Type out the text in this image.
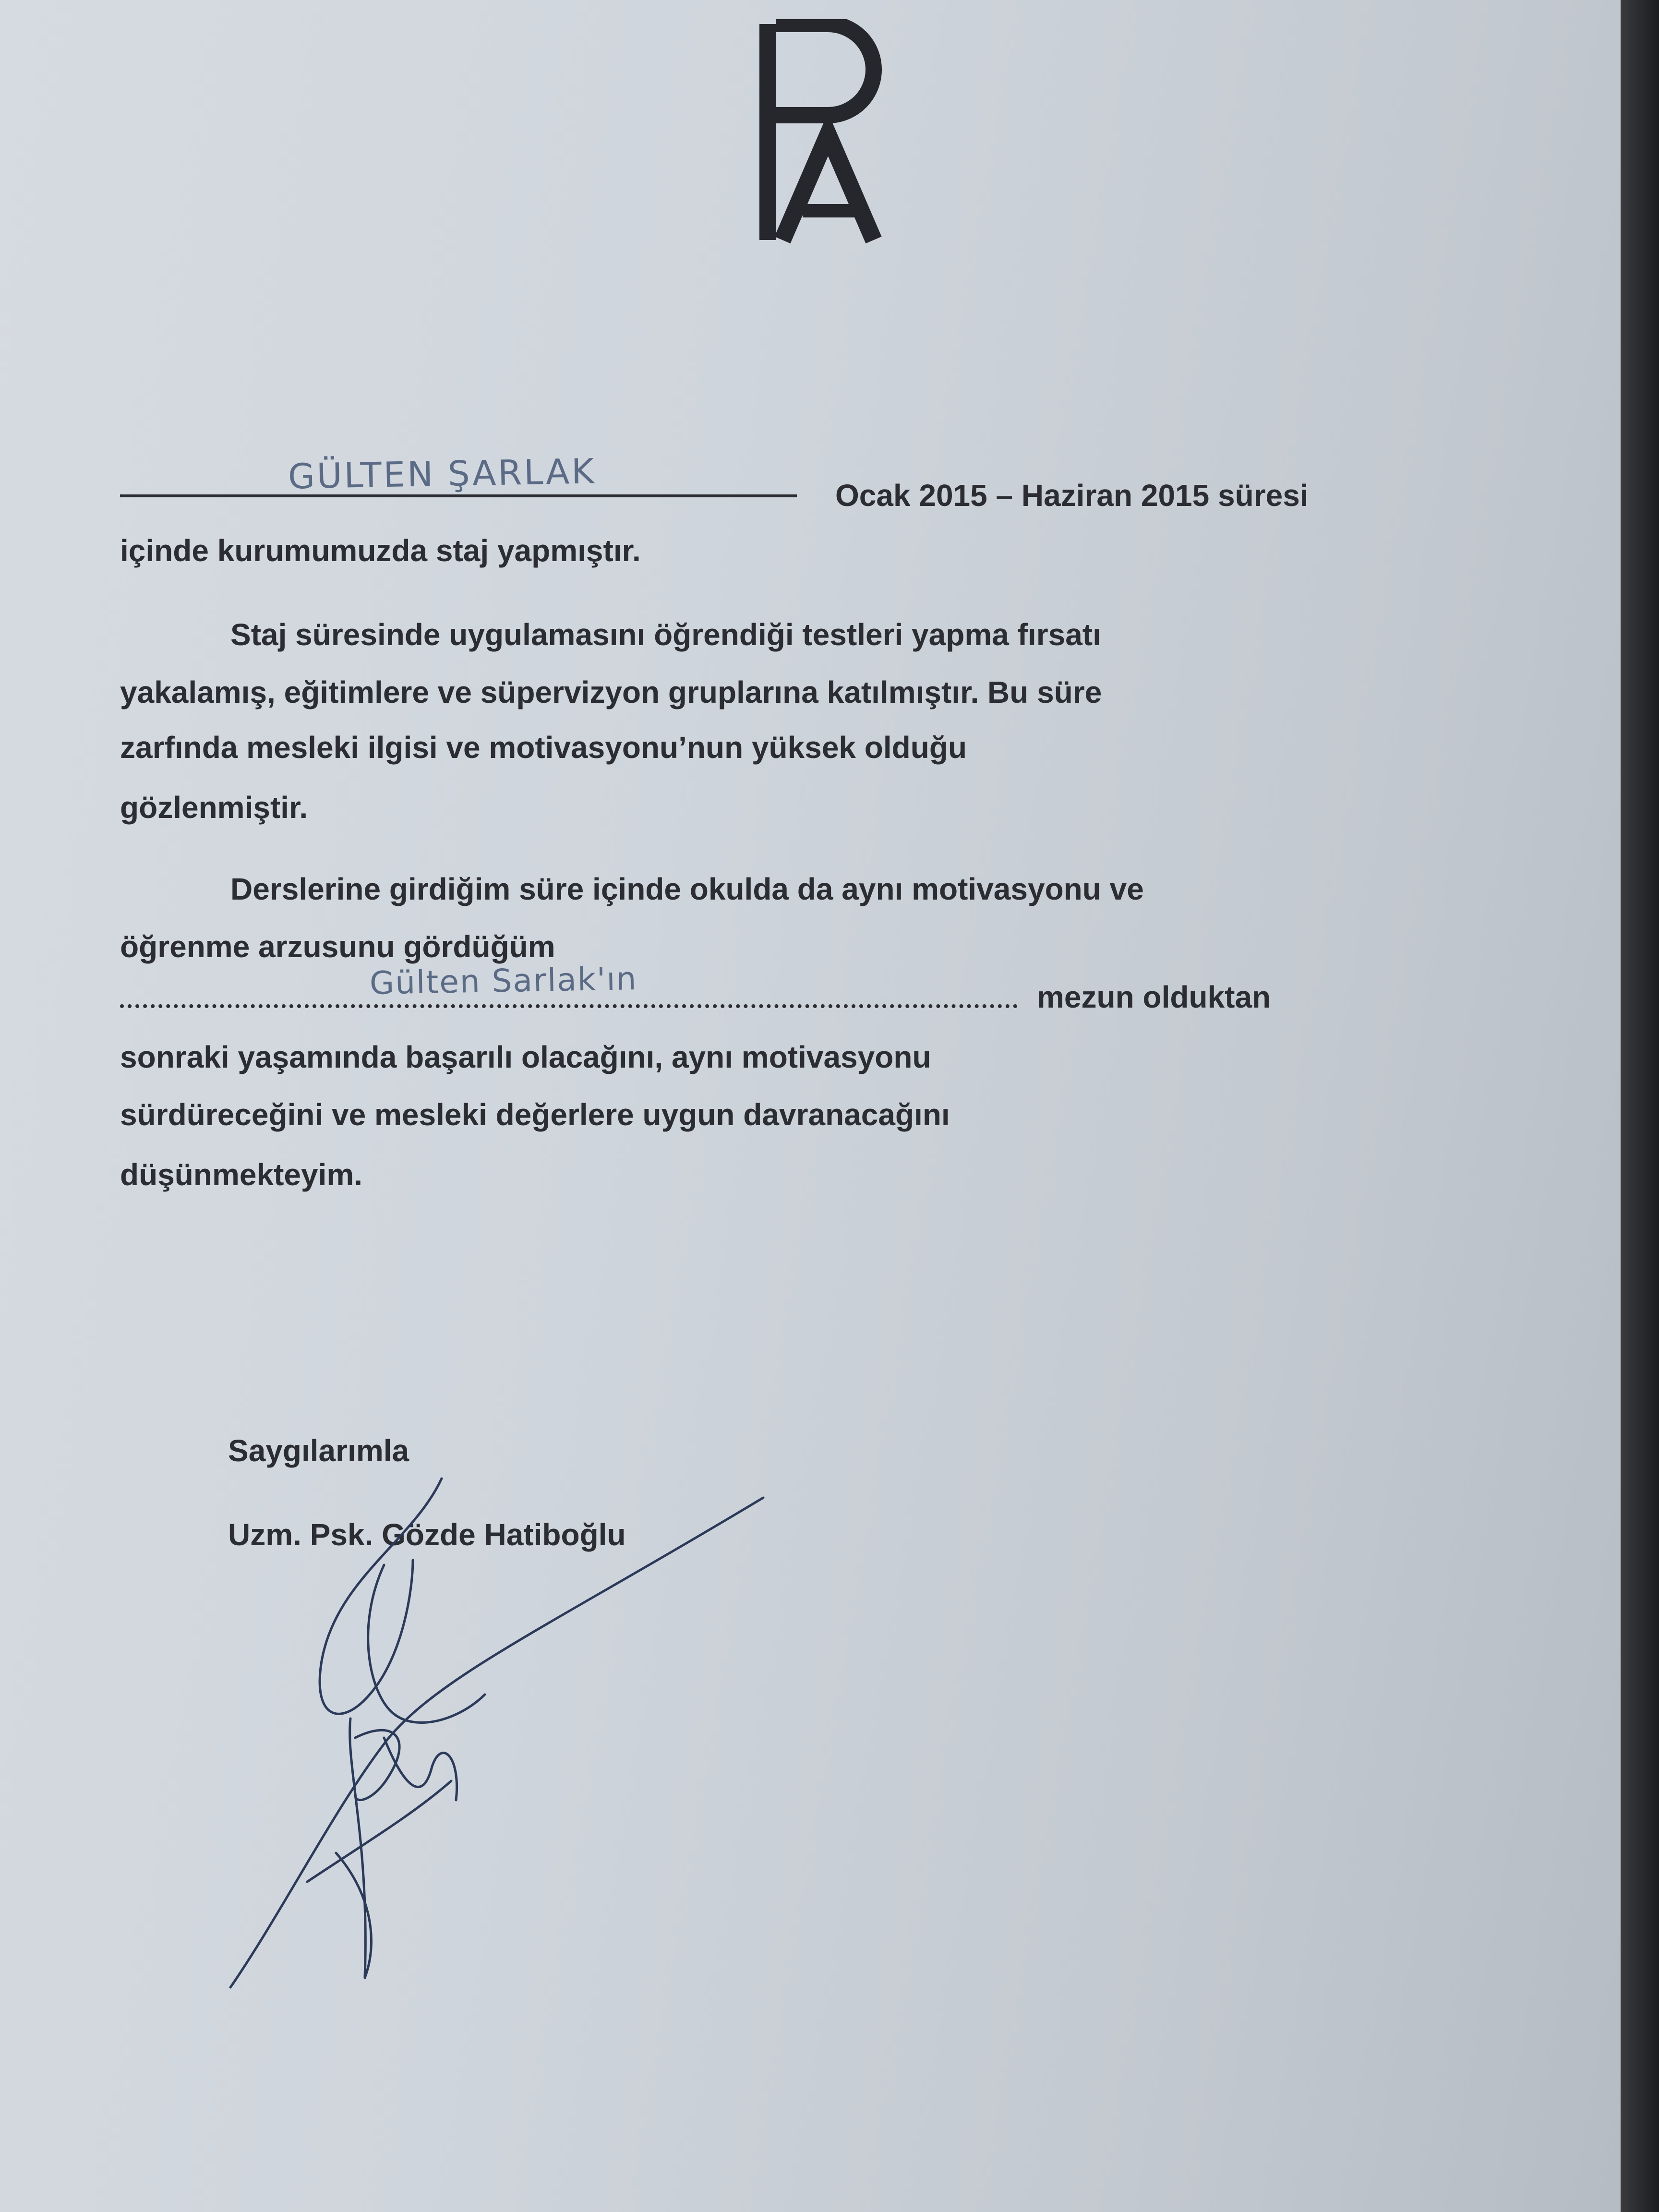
GÜLTEN ŞARLAK	Ocak 2015 – Haziran 2015 süresi
içinde kurumumuzda staj yapmıştır.
Staj süresinde uygulamasını öğrendiği testleri yapma fırsatı
yakalamış, eğitimlere ve süpervizyon gruplarına katılmıştır. Bu süre
zarfında mesleki ilgisi ve motivasyonu’nun yüksek olduğu
gözlenmiştir.
Derslerine girdiğim süre içinde okulda da aynı motivasyonu ve
öğrenme arzusunu gördüğüm
Gülten Sarlak'ın	mezun olduktan
sonraki yaşamında başarılı olacağını, aynı motivasyonu
sürdüreceğini ve mesleki değerlere uygun davranacağını
düşünmekteyim.
Saygılarımla
Uzm. Psk. Gözde Hatiboğlu
